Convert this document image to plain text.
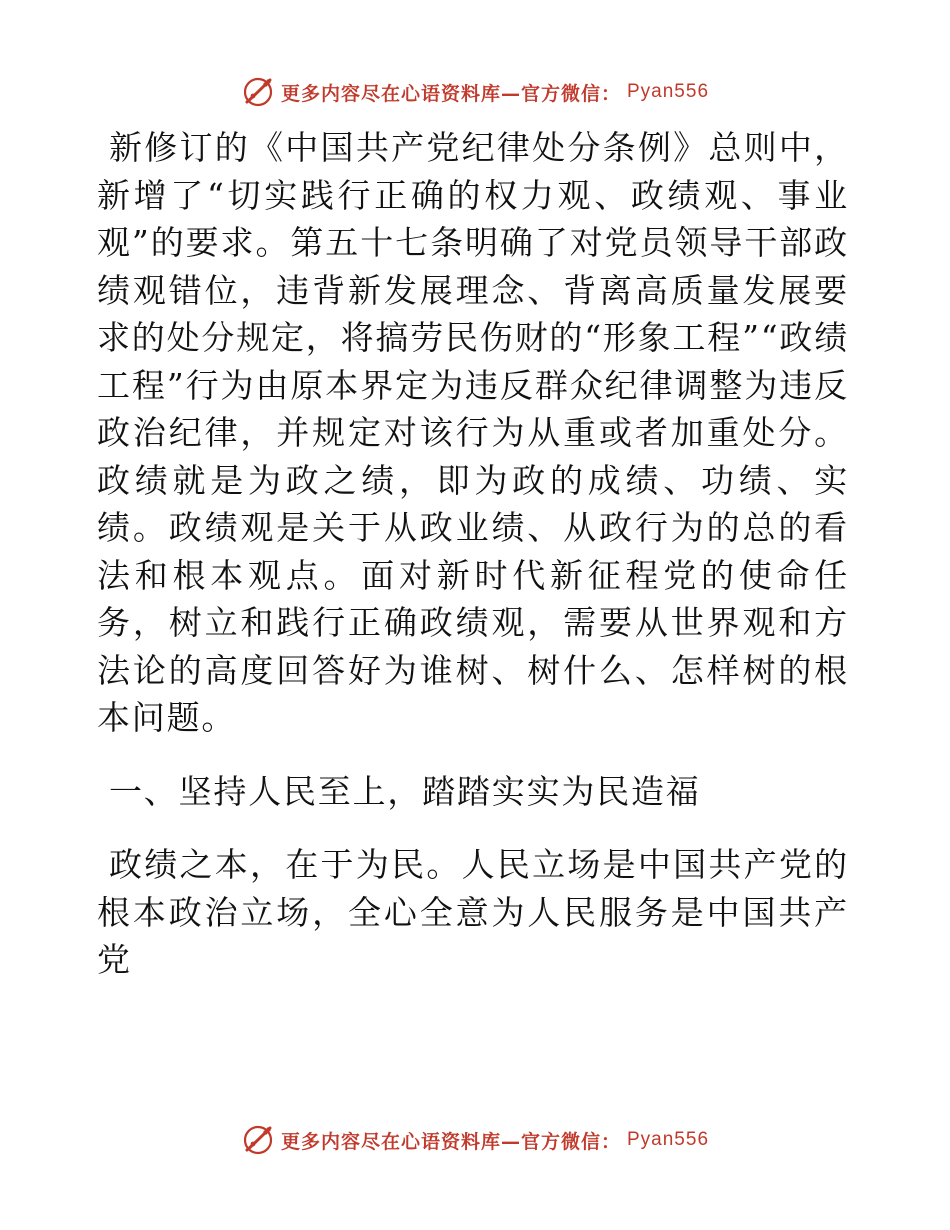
更多内容尽在心语资料库—官方微信： Pyan556

新修订的《中国共产党纪律处分条例》总则中，新增了“切实践行正确的权力观、政绩观、事业观”的要求。第五十七条明确了对党员领导干部政绩观错位，违背新发展理念、背离高质量发展要求的处分规定，将搞劳民伤财的“形象工程”“政绩工程”行为由原本界定为违反群众纪律调整为违反政治纪律，并规定对该行为从重或者加重处分。政绩就是为政之绩，即为政的成绩、功绩、实绩。政绩观是关于从政业绩、从政行为的总的看法和根本观点。面对新时代新征程党的使命任务，树立和践行正确政绩观，需要从世界观和方法论的高度回答好为谁树、树什么、怎样树的根本问题。

一、坚持人民至上，踏踏实实为民造福

政绩之本，在于为民。人民立场是中国共产党的根本政治立场，全心全意为人民服务是中国共产党

更多内容尽在心语资料库—官方微信： Pyan556
